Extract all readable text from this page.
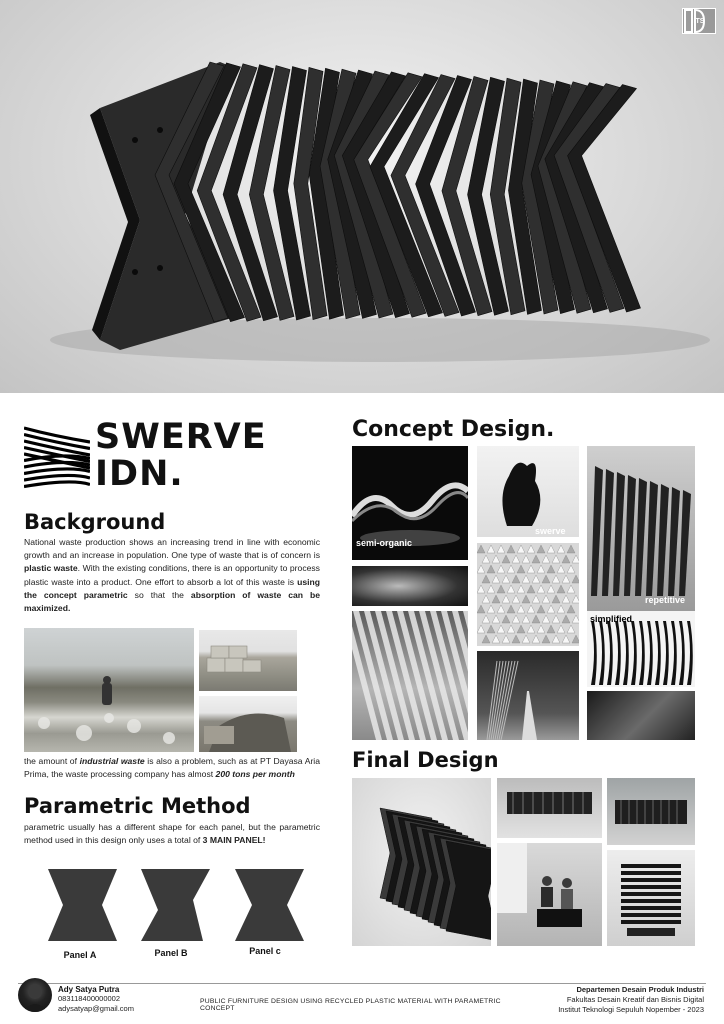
ITS
SWERVE
IDN.
Background
National waste production shows an increasing trend in line with economic growth and an increase in population. One type of waste that is of concern is plastic waste. With the existing conditions, there is an opportunity to process plastic waste into a product. One effort to absorb a lot of this waste is using the concept parametric so that the absorption of waste can be maximized.
the amount of industrial waste is also a problem, such as at PT Dayasa Aria Prima, the waste processing company has almost 200 tons per month
Parametric Method
parametric usually has a different shape for each panel, but the parametric method used in this design only uses a total of 3 MAIN PANEL!
Panel A	Panel B	Panel c
Concept Design.
semi-organic
swerve
repetitive
simplified
Final Design
Ady Satya Putra
083118400000002
adysatyap@gmail.com
PUBLIC FURNITURE DESIGN USING RECYCLED PLASTIC MATERIAL WITH PARAMETRIC CONCEPT
Departemen Desain Produk Industri
Fakultas Desain Kreatif dan Bisnis Digital
Institut Teknologi Sepuluh Nopember - 2023
